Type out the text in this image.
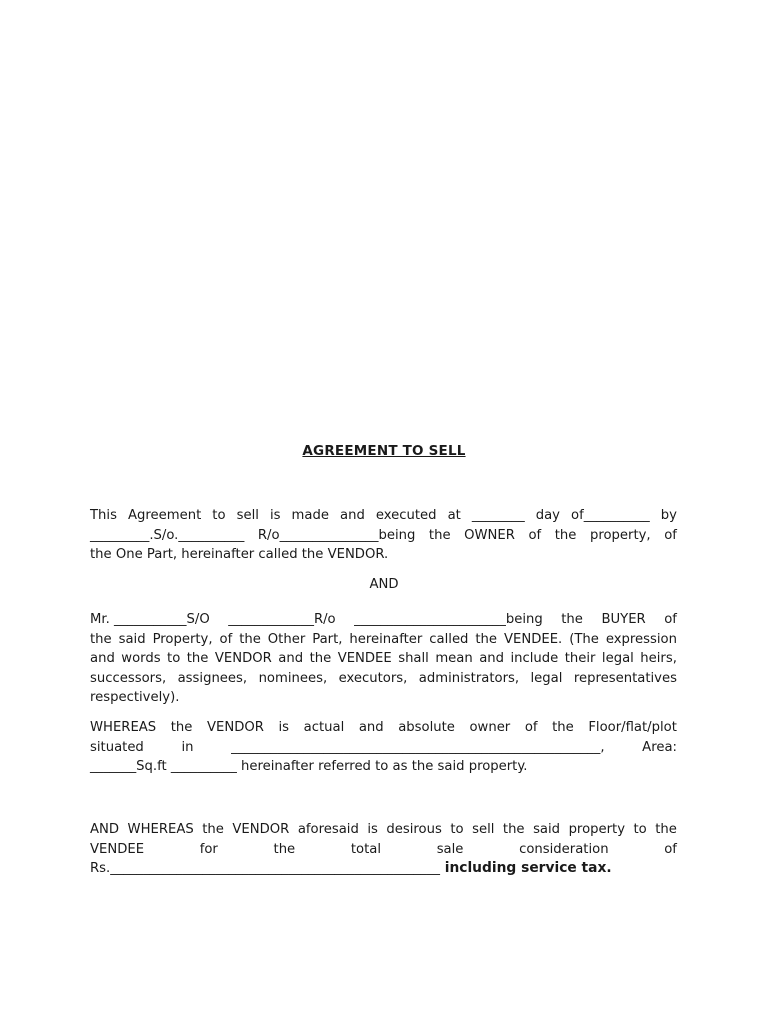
AGREEMENT TO SELL
This Agreement to sell is made and executed at ________ day of__________ by
_________.S/o.__________ R/o_______________being the OWNER of the property, of
the One Part, hereinafter called the VENDOR.
AND
Mr. ___________S/O _____________R/o _______________________being the BUYER of
the said Property, of the Other Part, hereinafter called the VENDEE. (The expression
and words to the VENDOR and the VENDEE shall mean and include their legal heirs,
successors, assignees, nominees, executors, administrators, legal representatives
respectively).
WHEREAS the VENDOR is actual and absolute owner of the Floor/flat/plot
situated	in	________________________________________________________,	Area:
_______Sq.ft __________ hereinafter referred to as the said property.
AND WHEREAS the VENDOR aforesaid is desirous to sell the said property to the
VENDEE	for	the	total	sale	consideration	of
Rs.__________________________________________________ including service tax.
